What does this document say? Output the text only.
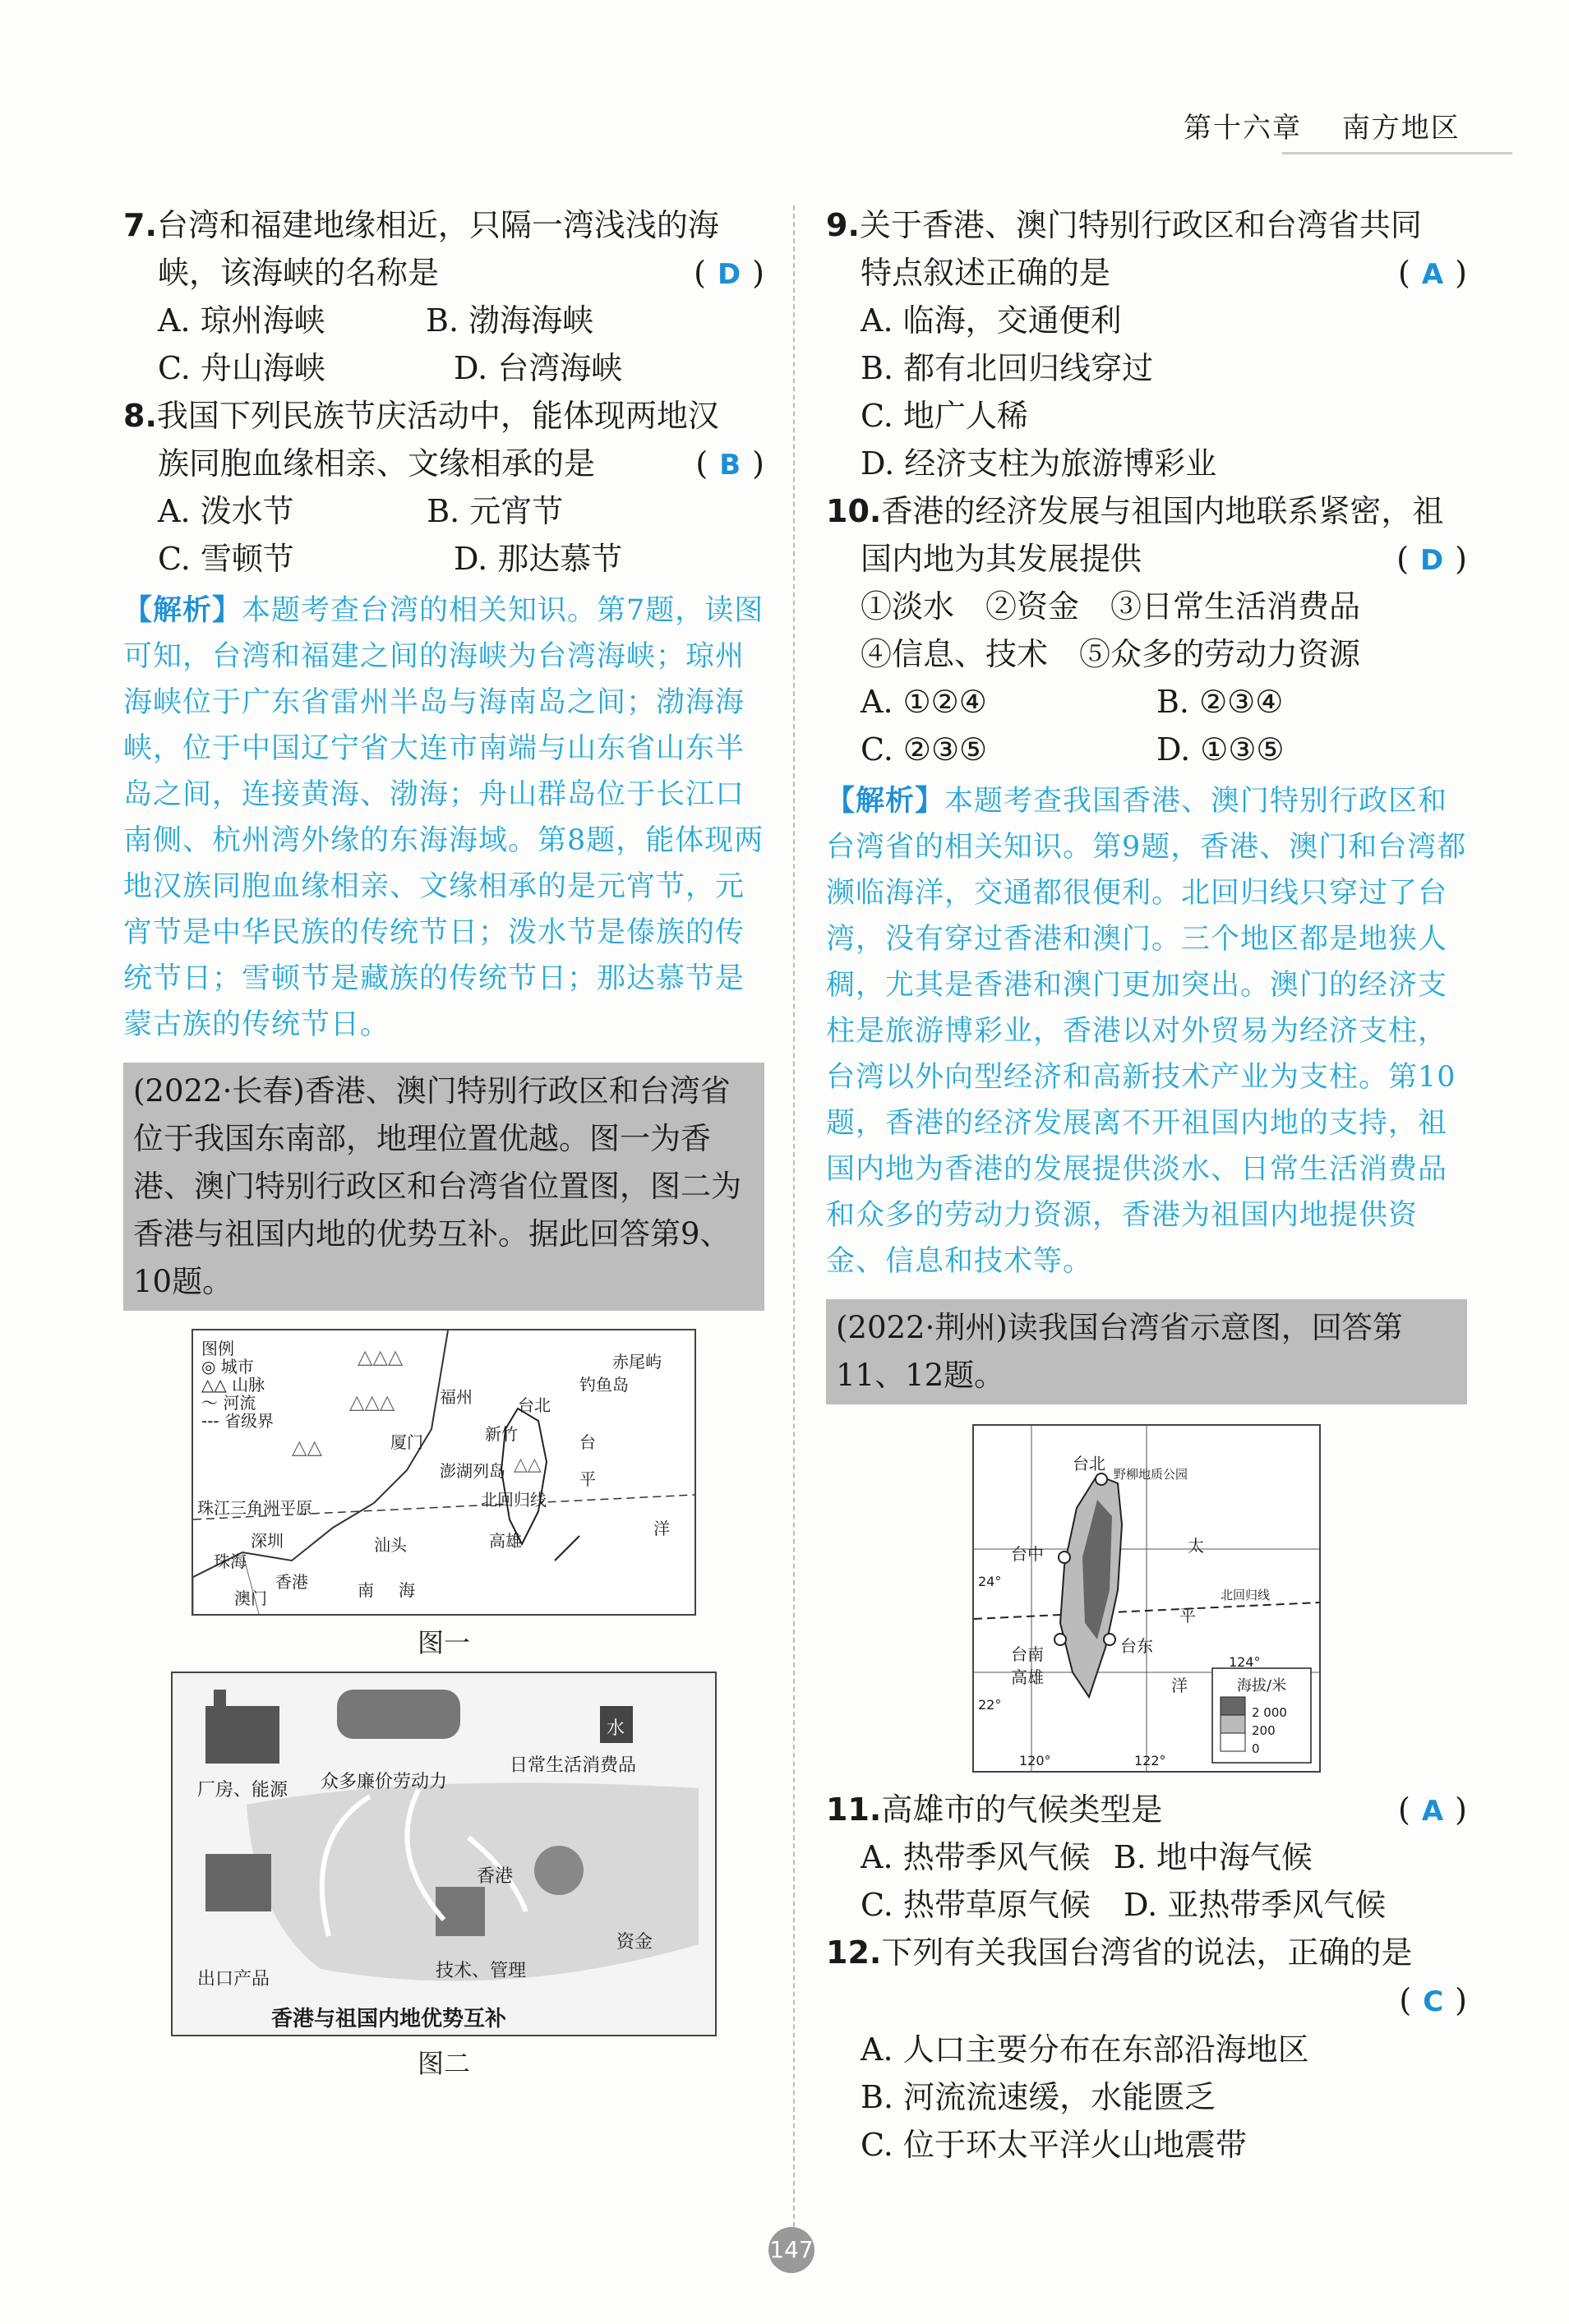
第十六章　 南方地区

7.台湾和福建地缘相近，只隔一湾浅浅的海
峡，该海峡的名称是	( D )

A. 琼州海峡	B. 渤海海峡
C. 舟山海峡	D. 台湾海峡

8.我国下列民族节庆活动中，能体现两地汉
族同胞血缘相亲、文缘相承的是	( B )

A. 泼水节	B. 元宵节
C. 雪顿节	D. 那达慕节
【解析】本题考查台湾的相关知识。第7题，读图可知，台湾和福建之间的海峡为台湾海峡；琼州海峡位于广东省雷州半岛与海南岛之间；渤海海峡，位于中国辽宁省大连市南端与山东省山东半岛之间，连接黄海、渤海；舟山群岛位于长江口南侧、杭州湾外缘的东海海域。第8题，能体现两地汉族同胞血缘相亲、文缘相承的是元宵节，元宵节是中华民族的传统节日；泼水节是傣族的传统节日；雪顿节是藏族的传统节日；那达慕节是蒙古族的传统节日。
(2022·长春)香港、澳门特别行政区和台湾省位于我国东南部，地理位置优越。图一为香港、澳门特别行政区和台湾省位置图，图二为香港与祖国内地的优势互补。据此回答第9、10题。
△△△
△△△
△△
△△
图例
◎ 城市
△△ 山脉
〜 河流
--- 省级界
赤尾屿
钓鱼岛
福州	台北
新竹
厦门
澎湖列岛
台
珠江三角洲平原	北回归线
平
深圳	汕头	高雄
洋
珠海
香港
澳门	南 海
图一
众多廉价劳动力
日常生活消费品
水
厂房、能源
香港
出口产品	技术、管理
资金
香港与祖国内地优势互补
图二

9.关于香港、澳门特别行政区和台湾省共同
特点叙述正确的是	( A )

A. 临海，交通便利
B. 都有北回归线穿过
C. 地广人稀
D. 经济支柱为旅游博彩业

10.香港的经济发展与祖国内地联系紧密，祖
国内地为其发展提供	( D )

①淡水　②资金　③日常生活消费品
④信息、技术　⑤众多的劳动力资源
A. ①②④	B. ②③④
C. ②③⑤	D. ①③⑤
【解析】本题考查我国香港、澳门特别行政区和台湾省的相关知识。第9题，香港、澳门和台湾都濒临海洋，交通都很便利。北回归线只穿过了台湾，没有穿过香港和澳门。三个地区都是地狭人稠，尤其是香港和澳门更加突出。澳门的经济支柱是旅游博彩业，香港以对外贸易为经济支柱，台湾以外向型经济和高新技术产业为支柱。第10题，香港的经济发展离不开祖国内地的支持，祖国内地为香港的发展提供淡水、日常生活消费品和众多的劳动力资源，香港为祖国内地提供资金、信息和技术等。
(2022·荆州)读我国台湾省示意图，回答第11、12题。
台北
野柳地质公园
台中	太
北回归线
24°
平
台东
台南
高雄	洋
124°
22°
120°	122°
海拔/米
2 000
200
0

11.高雄市的气候类型是	( A )

A. 热带季风气候 B. 地中海气候
C. 热带草原气候	D. 亚热带季风气候

12.下列有关我国台湾省的说法，正确的是

( C )

A. 人口主要分布在东部沿海地区
B. 河流流速缓，水能匮乏
C. 位于环太平洋火山地震带
147
